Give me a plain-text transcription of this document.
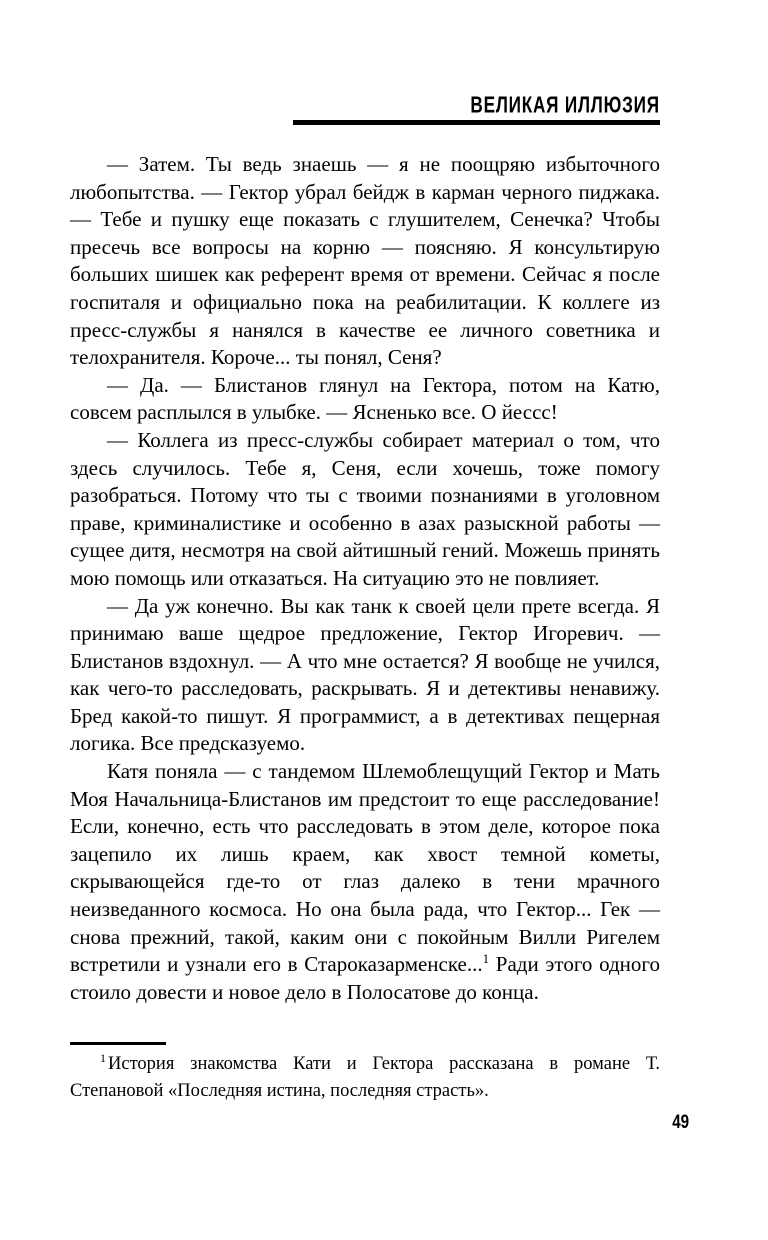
ВЕЛИКАЯ ИЛЛЮЗИЯ

— Затем. Ты ведь знаешь — я не поощряю избыточного любопытства. — Гектор убрал бейдж в карман черного пиджака. — Тебе и пушку еще показать с глушителем, Сенечка? Чтобы пресечь все вопросы на корню — поясняю. Я консультирую больших шишек как референт время от времени. Сейчас я после госпиталя и официально пока на реабилитации. К коллеге из пресс-службы я нанялся в качестве ее личного советника и телохранителя. Короче... ты понял, Сеня?

— Да. — Блистанов глянул на Гектора, потом на Катю, совсем расплылся в улыбке. — Ясненько все. О йессс!

— Коллега из пресс-службы собирает материал о том, что здесь случилось. Тебе я, Сеня, если хочешь, тоже помогу разобраться. Потому что ты с твоими познаниями в уголовном праве, криминалистике и особенно в азах разыскной работы — сущее дитя, несмотря на свой айтишный гений. Можешь принять мою помощь или отказаться. На ситуацию это не повлияет.

— Да уж конечно. Вы как танк к своей цели прете всегда. Я принимаю ваше щедрое предложение, Гектор Игоревич. — Блистанов вздохнул. — А что мне остается? Я вообще не учился, как чего-то расследовать, раскрывать. Я и детективы ненавижу. Бред какой-то пишут. Я программист, а в детективах пещерная логика. Все предсказуемо.

Катя поняла — с тандемом Шлемоблещущий Гектор и Мать Моя Начальница-Блистанов им предстоит то еще расследование! Если, конечно, есть что расследовать в этом деле, которое пока зацепило их лишь краем, как хвост темной кометы, скрывающейся где-то от глаз далеко в тени мрачного неизведанного космоса. Но она была рада, что Гектор... Гек — снова прежний, такой, каким они с покойным Вилли Ригелем встретили и узнали его в Староказарменске...$^1$ Ради этого одного стоило довести и новое дело в Полосатове до конца.

$^1$ История знакомства Кати и Гектора рассказана в романе Т. Степановой «Последняя истина, последняя страсть».
49
